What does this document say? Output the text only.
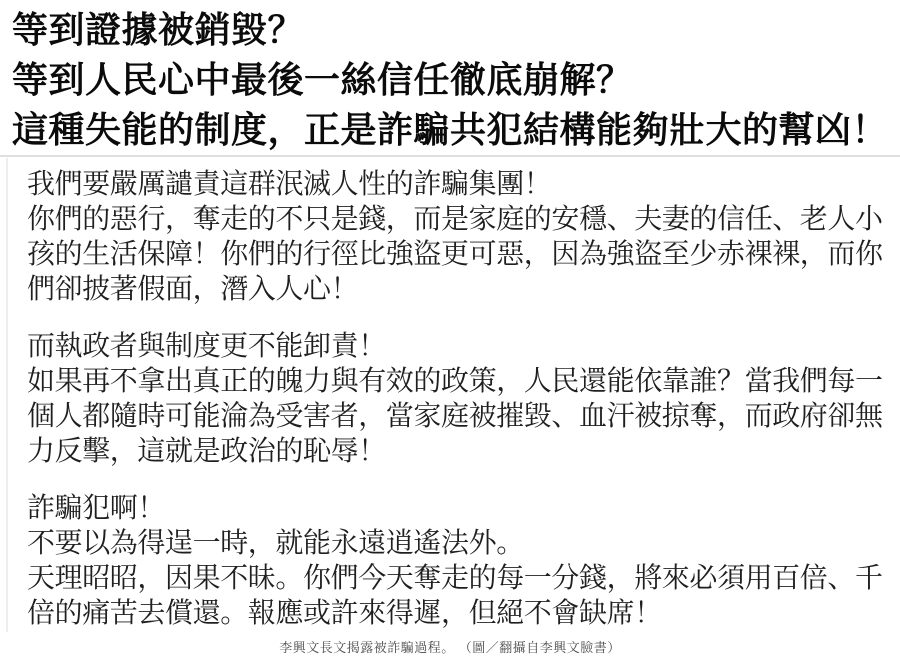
等到證據被銷毀？
等到人民心中最後一絲信任徹底崩解？
這種失能的制度，正是詐騙共犯結構能夠壯大的幫凶！
我們要嚴厲譴責這群泯滅人性的詐騙集團！
你們的惡行，奪走的不只是錢，而是家庭的安穩、夫妻的信任、老人小
孩的生活保障！你們的行徑比強盜更可惡，因為強盜至少赤裸裸，而你
們卻披著假面，潛入人心！
而執政者與制度更不能卸責！
如果再不拿出真正的魄力與有效的政策，人民還能依靠誰？當我們每一
個人都隨時可能淪為受害者，當家庭被摧毀、血汗被掠奪，而政府卻無
力反擊，這就是政治的恥辱！
詐騙犯啊！
不要以為得逞一時，就能永遠逍遙法外。
天理昭昭，因果不昧。你們今天奪走的每一分錢，將來必須用百倍、千
倍的痛苦去償還。報應或許來得遲，但絕不會缺席！
李興文長文揭露被詐騙過程。 （圖／翻攝自李興文臉書）
